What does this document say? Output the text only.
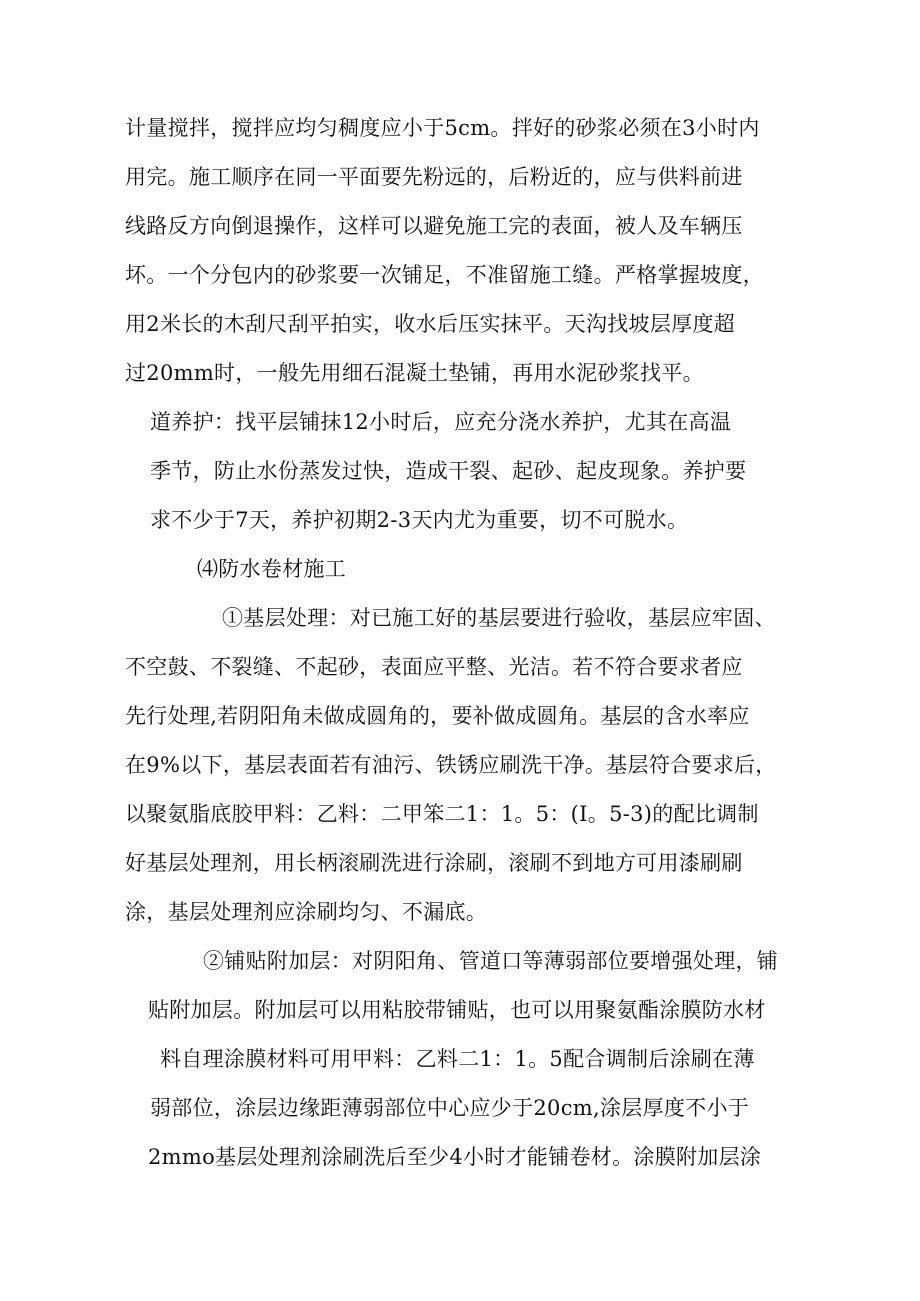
计量搅拌，搅拌应均匀稠度应小于5cm。拌好的砂浆必须在3小时内
用完。施工顺序在同一平面要先粉远的，后粉近的，应与供料前进
线路反方向倒退操作，这样可以避免施工完的表面，被人及车辆压
坏。一个分包内的砂浆要一次铺足，不准留施工缝。严格掌握坡度，
用2米长的木刮尺刮平拍实，收水后压实抹平。天沟找坡层厚度超
过20mm时，一般先用细石混凝土垫铺，再用水泥砂浆找平。
道养护：找平层铺抹12小时后，应充分浇水养护，尤其在高温
季节，防止水份蒸发过快，造成干裂、起砂、起皮现象。养护要
求不少于7天，养护初期2-3天内尤为重要，切不可脱水。
⑷防水卷材施工
①基层处理：对已施工好的基层要进行验收，基层应牢固、
不空鼓、不裂缝、不起砂，表面应平整、光洁。若不符合要求者应
先行处理,若阴阳角未做成圆角的，要补做成圆角。基层的含水率应
在9%以下，基层表面若有油污、铁锈应刷洗干净。基层符合要求后，
以聚氨脂底胶甲料：乙料：二甲笨二1：1。5：(I。5-3)的配比调制
好基层处理剂，用长柄滚刷洗进行涂刷，滚刷不到地方可用漆刷刷
涂，基层处理剂应涂刷均匀、不漏底。
②铺贴附加层：对阴阳角、管道口等薄弱部位要增强处理，铺
贴附加层。附加层可以用粘胶带铺贴，也可以用聚氨酯涂膜防水材
料自理涂膜材料可用甲料：乙料二1：1。5配合调制后涂刷在薄
弱部位，涂层边缘距薄弱部位中心应少于20cm,涂层厚度不小于
2mmo基层处理剂涂刷洗后至少4小时才能铺卷材。涂膜附加层涂
